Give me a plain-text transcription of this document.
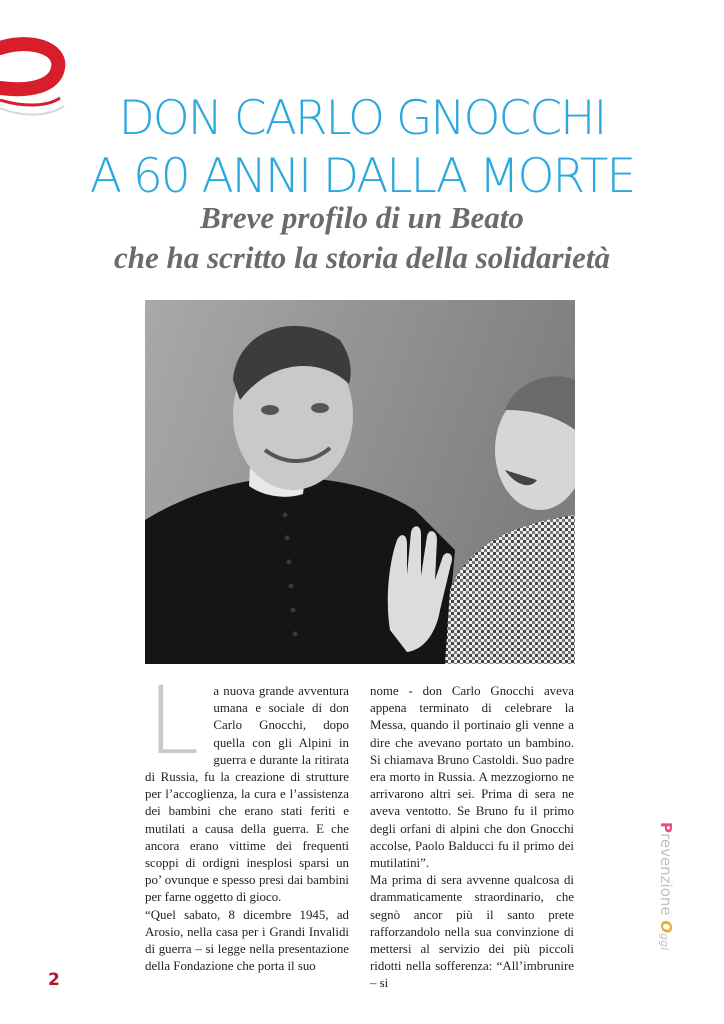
DON CARLO GNOCCHI
A 60 ANNI DALLA MORTE
Breve profilo di un Beato
che ha scritto la storia della solidarietà
L	a nuova grande avventura umana e sociale di don Carlo Gnocchi, dopo quella con gli Alpini in guerra e durante la ritirata di Russia, fu la creazione di strutture per l’accoglienza, la cura e l’assistenza dei bambini che erano stati feriti e mutilati a causa della guerra. E che ancora erano vittime dei frequenti scoppi di ordigni inesplosi sparsi un po’ ovunque e spesso presi dai bambini per farne oggetto di gioco.

“Quel sabato, 8 dicembre 1945, ad Arosio, nella casa per i Grandi Invalidi di guerra – si legge nella presentazione della Fondazione che porta il suo

nome - don Carlo Gnocchi aveva appena terminato di celebrare la Messa, quando il portinaio gli venne a dire che avevano portato un bambino. Si chiamava Bruno Castoldi. Suo padre era morto in Russia. A mezzogiorno ne arrivarono altri sei. Prima di sera ne aveva ventotto. Se Bruno fu il primo degli orfani di alpini che don Gnocchi accolse, Paolo Balducci fu il primo dei mutilatini”.

Ma prima di sera avvenne qualcosa di drammaticamente straordinario, che segnò ancor più il santo prete rafforzandolo nella sua convinzione di mettersi al servizio dei più piccoli ridotti nella sofferenza: “All’imbrunire – si

Prevenzione Oggi
2
